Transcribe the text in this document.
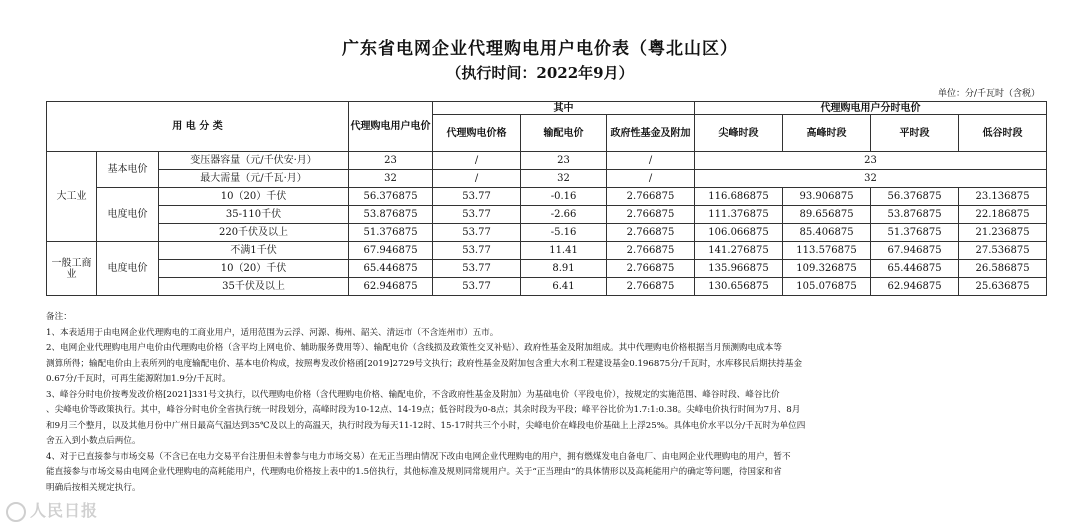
广东省电网企业代理购电用户电价表（粤北山区）
（执行时间：2022年9月）
单位：分/千瓦时（含税）
用 电 分 类			代理购电用户电价	其中			代理购电用户分时电价			
				代理购电价格	输配电价	政府性基金及附加	尖峰时段	高峰时段	平时段	低谷时段
大工业	基本电价	变压器容量（元/千伏安·月）	23	/	23	/	23			
		最大需量（元/千瓦·月）	32	/	32	/	32			
	电度电价	10（20）千伏	56.376875	53.77	-0.16	2.766875	116.686875	93.906875	56.376875	23.136875
		35-110千伏	53.876875	53.77	-2.66	2.766875	111.376875	89.656875	53.876875	22.186875
		220千伏及以上	51.376875	53.77	-5.16	2.766875	106.066875	85.406875	51.376875	21.236875
一般工商业	电度电价	不满1千伏	67.946875	53.77	11.41	2.766875	141.276875	113.576875	67.946875	27.536875
		10（20）千伏	65.446875	53.77	8.91	2.766875	135.966875	109.326875	65.446875	26.586875
		35千伏及以上	62.946875	53.77	6.41	2.766875	130.656875	105.076875	62.946875	25.636875

备注：

1、本表适用于由电网企业代理购电的工商业用户，适用范围为云浮、河源、梅州、韶关、清远市（不含连州市）五市。

2、电网企业代理购电用户电价由代理购电价格（含平均上网电价、辅助服务费用等）、输配电价（含线损及政策性交叉补贴）、政府性基金及附加组成。其中代理购电价格根据当月预测购电成本等

测算所得；输配电价由上表所列的电度输配电价、基本电价构成，按照粤发改价格函[2019]2729号文执行；政府性基金及附加包含重大水利工程建设基金0.196875分/千瓦时，水库移民后期扶持基金

0.67分/千瓦时，可再生能源附加1.9分/千瓦时。

3、峰谷分时电价按粤发改价格[2021]331号文执行，以代理购电价格（含代理购电价格、输配电价，不含政府性基金及附加）为基础电价（平段电价），按规定的实施范围、峰谷时段、峰谷比价

、尖峰电价等政策执行。其中，峰谷分时电价全省执行统一时段划分，高峰时段为10-12点、14-19点；低谷时段为0-8点；其余时段为平段；峰平谷比价为1.7:1:0.38。尖峰电价执行时间为7月、8月

和9月三个整月，以及其他月份中广州日最高气温达到35℃及以上的高温天，执行时段为每天11-12时、15-17时共三个小时，尖峰电价在峰段电价基础上上浮25%。具体电价水平以分/千瓦时为单位四

舍五入到小数点后两位。

4、对于已直接参与市场交易（不含已在电力交易平台注册但未曾参与电力市场交易）在无正当理由情况下改由电网企业代理购电的用户，拥有燃煤发电自备电厂、由电网企业代理购电的用户，暂不

能直接参与市场交易由电网企业代理购电的高耗能用户，代理购电价格按上表中的1.5倍执行，其他标准及规则同常规用户。关于“正当理由”的具体情形以及高耗能用户的确定等问题，待国家和省

明确后按相关规定执行。

人民日报
